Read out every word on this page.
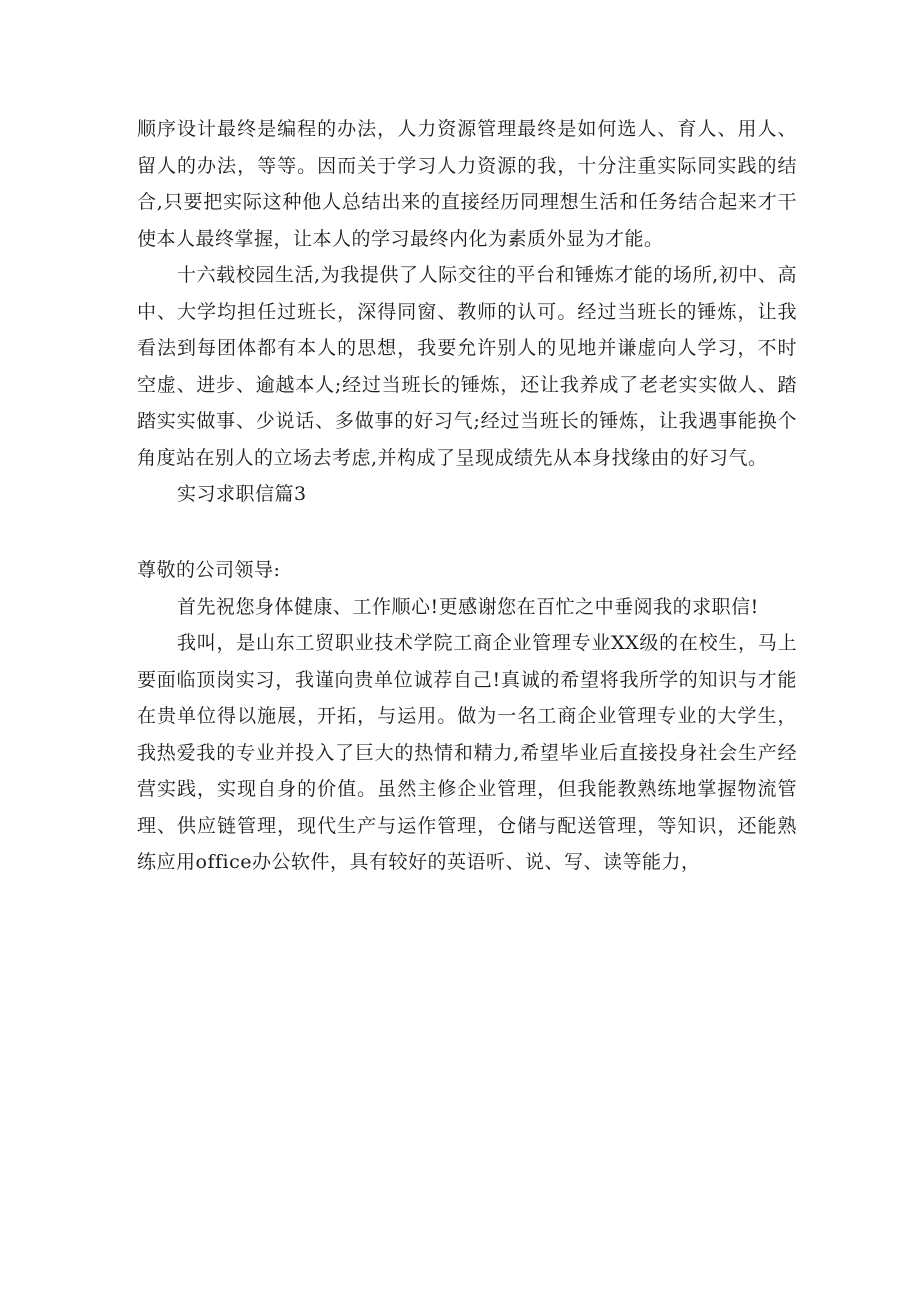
顺序设计最终是编程的办法，人力资源管理最终是如何选人、育人、用人、留人的办法，等等。因而关于学习人力资源的我，十分注重实际同实践的结合,只要把实际这种他人总结出来的直接经历同理想生活和任务结合起来才干使本人最终掌握，让本人的学习最终内化为素质外显为才能。

十六载校园生活,为我提供了人际交往的平台和锤炼才能的场所,初中、高中、大学均担任过班长，深得同窗、教师的认可。经过当班长的锤炼，让我看法到每团体都有本人的思想，我要允许别人的见地并谦虚向人学习，不时空虚、进步、逾越本人;经过当班长的锤炼，还让我养成了老老实实做人、踏踏实实做事、少说话、多做事的好习气;经过当班长的锤炼，让我遇事能换个角度站在别人的立场去考虑,并构成了呈现成绩先从本身找缘由的好习气。

实习求职信篇3

尊敬的公司领导:

首先祝您身体健康、工作顺心!更感谢您在百忙之中垂阅我的求职信!

我叫，是山东工贸职业技术学院工商企业管理专业XX级的在校生，马上要面临顶岗实习，我谨向贵单位诚荐自己!真诚的希望将我所学的知识与才能在贵单位得以施展，开拓，与运用。做为一名工商企业管理专业的大学生，我热爱我的专业并投入了巨大的热情和精力,希望毕业后直接投身社会生产经营实践，实现自身的价值。虽然主修企业管理，但我能教熟练地掌握物流管理、供应链管理，现代生产与运作管理，仓储与配送管理，等知识，还能熟练应用office办公软件，具有较好的英语听、说、写、读等能力，
